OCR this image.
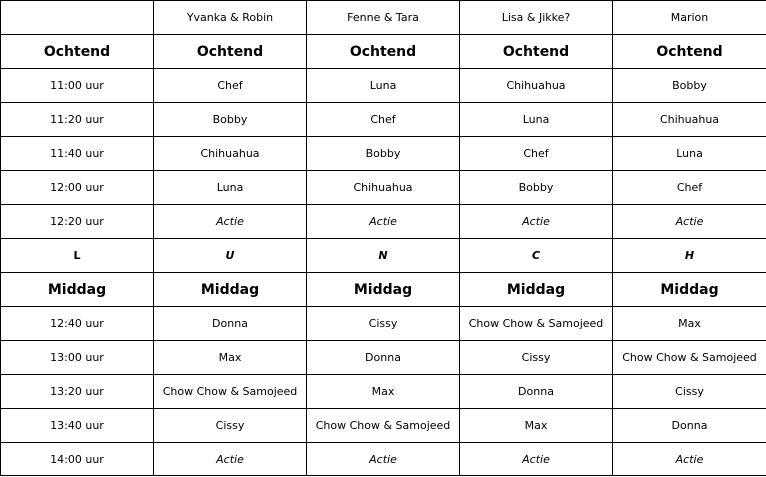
	Yvanka & Robin	Fenne & Tara	Lisa & Jikke?	Marion
Ochtend	Ochtend	Ochtend	Ochtend	Ochtend
11:00 uur	Chef	Luna	Chihuahua	Bobby
11:20 uur	Bobby	Chef	Luna	Chihuahua
11:40 uur	Chihuahua	Bobby	Chef	Luna
12:00 uur	Luna	Chihuahua	Bobby	Chef
12:20 uur	Actie	Actie	Actie	Actie
L	U	N	C	H
Middag	Middag	Middag	Middag	Middag
12:40 uur	Donna	Cissy	Chow Chow & Samojeed	Max
13:00 uur	Max	Donna	Cissy	Chow Chow & Samojeed
13:20 uur	Chow Chow & Samojeed	Max	Donna	Cissy
13:40 uur	Cissy	Chow Chow & Samojeed	Max	Donna
14:00 uur	Actie	Actie	Actie	Actie
